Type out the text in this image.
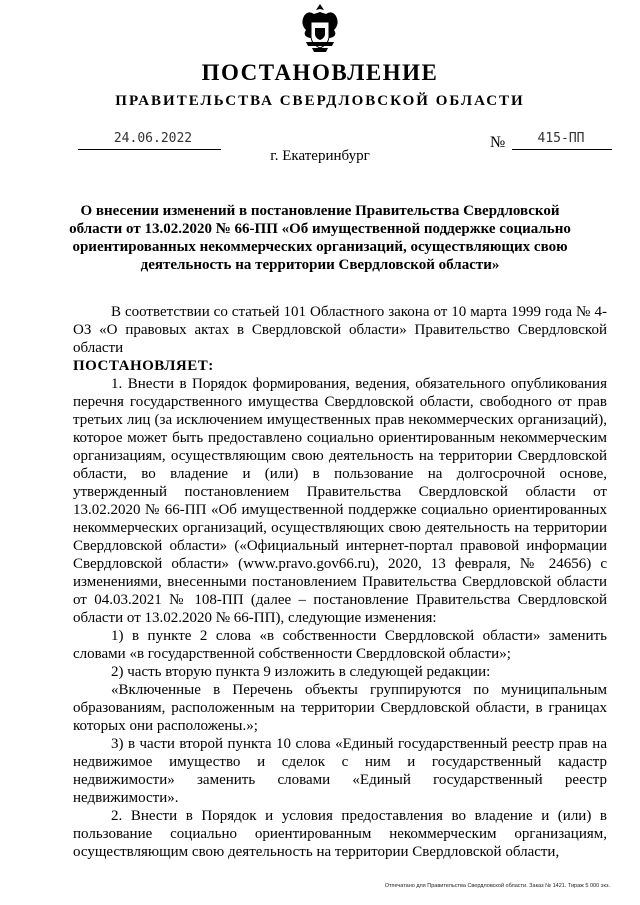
ПОСТАНОВЛЕНИЕ
ПРАВИТЕЛЬСТВА СВЕРДЛОВСКОЙ ОБЛАСТИ
24.06.2022	№	415-ПП
г. Екатеринбург
О внесении изменений в постановление Правительства Свердловской области от 13.02.2020 № 66-ПП «Об имущественной поддержке социально ориентированных некоммерческих организаций, осуществляющих свою деятельность на территории Свердловской области»

В соответствии со статьей 101 Областного закона от 10 марта 1999 года № 4-ОЗ «О правовых актах в Свердловской области» Правительство Свердловской области

ПОСТАНОВЛЯЕТ:

1. Внести в Порядок формирования, ведения, обязательного опубликования перечня государственного имущества Свердловской области, свободного от прав третьих лиц (за исключением имущественных прав некоммерческих организаций), которое может быть предоставлено социально ориентированным некоммерческим организациям, осуществляющим свою деятельность на территории Свердловской области, во владение и (или) в пользование на долгосрочной основе, утвержденный постановлением Правительства Свердловской области от 13.02.2020 № 66-ПП «Об имущественной поддержке социально ориентированных некоммерческих организаций, осуществляющих свою деятельность на территории Свердловской области» («Официальный интернет-портал правовой информации Свердловской области» (www.pravo.gov66.ru), 2020, 13 февраля, № 24656) с изменениями, внесенными постановлением Правительства Свердловской области от 04.03.2021 № 108-ПП (далее – постановление Правительства Свердловской области от 13.02.2020 № 66-ПП), следующие изменения:

1) в пункте 2 слова «в собственности Свердловской области» заменить словами «в государственной собственности Свердловской области»;

2) часть вторую пункта 9 изложить в следующей редакции:

«Включенные в Перечень объекты группируются по муниципальным образованиям, расположенным на территории Свердловской области, в границах которых они расположены.»;

3) в части второй пункта 10 слова «Единый государственный реестр прав на недвижимое имущество и сделок с ним и государственный кадастр недвижимости» заменить словами «Единый государственный реестр недвижимости».

2. Внести в Порядок и условия предоставления во владение и (или) в пользование социально ориентированным некоммерческим организациям, осуществляющим свою деятельность на территории Свердловской области,

Отпечатано для Правительства Свердловской области. Заказ № 1421. Тираж 5 000 экз.
